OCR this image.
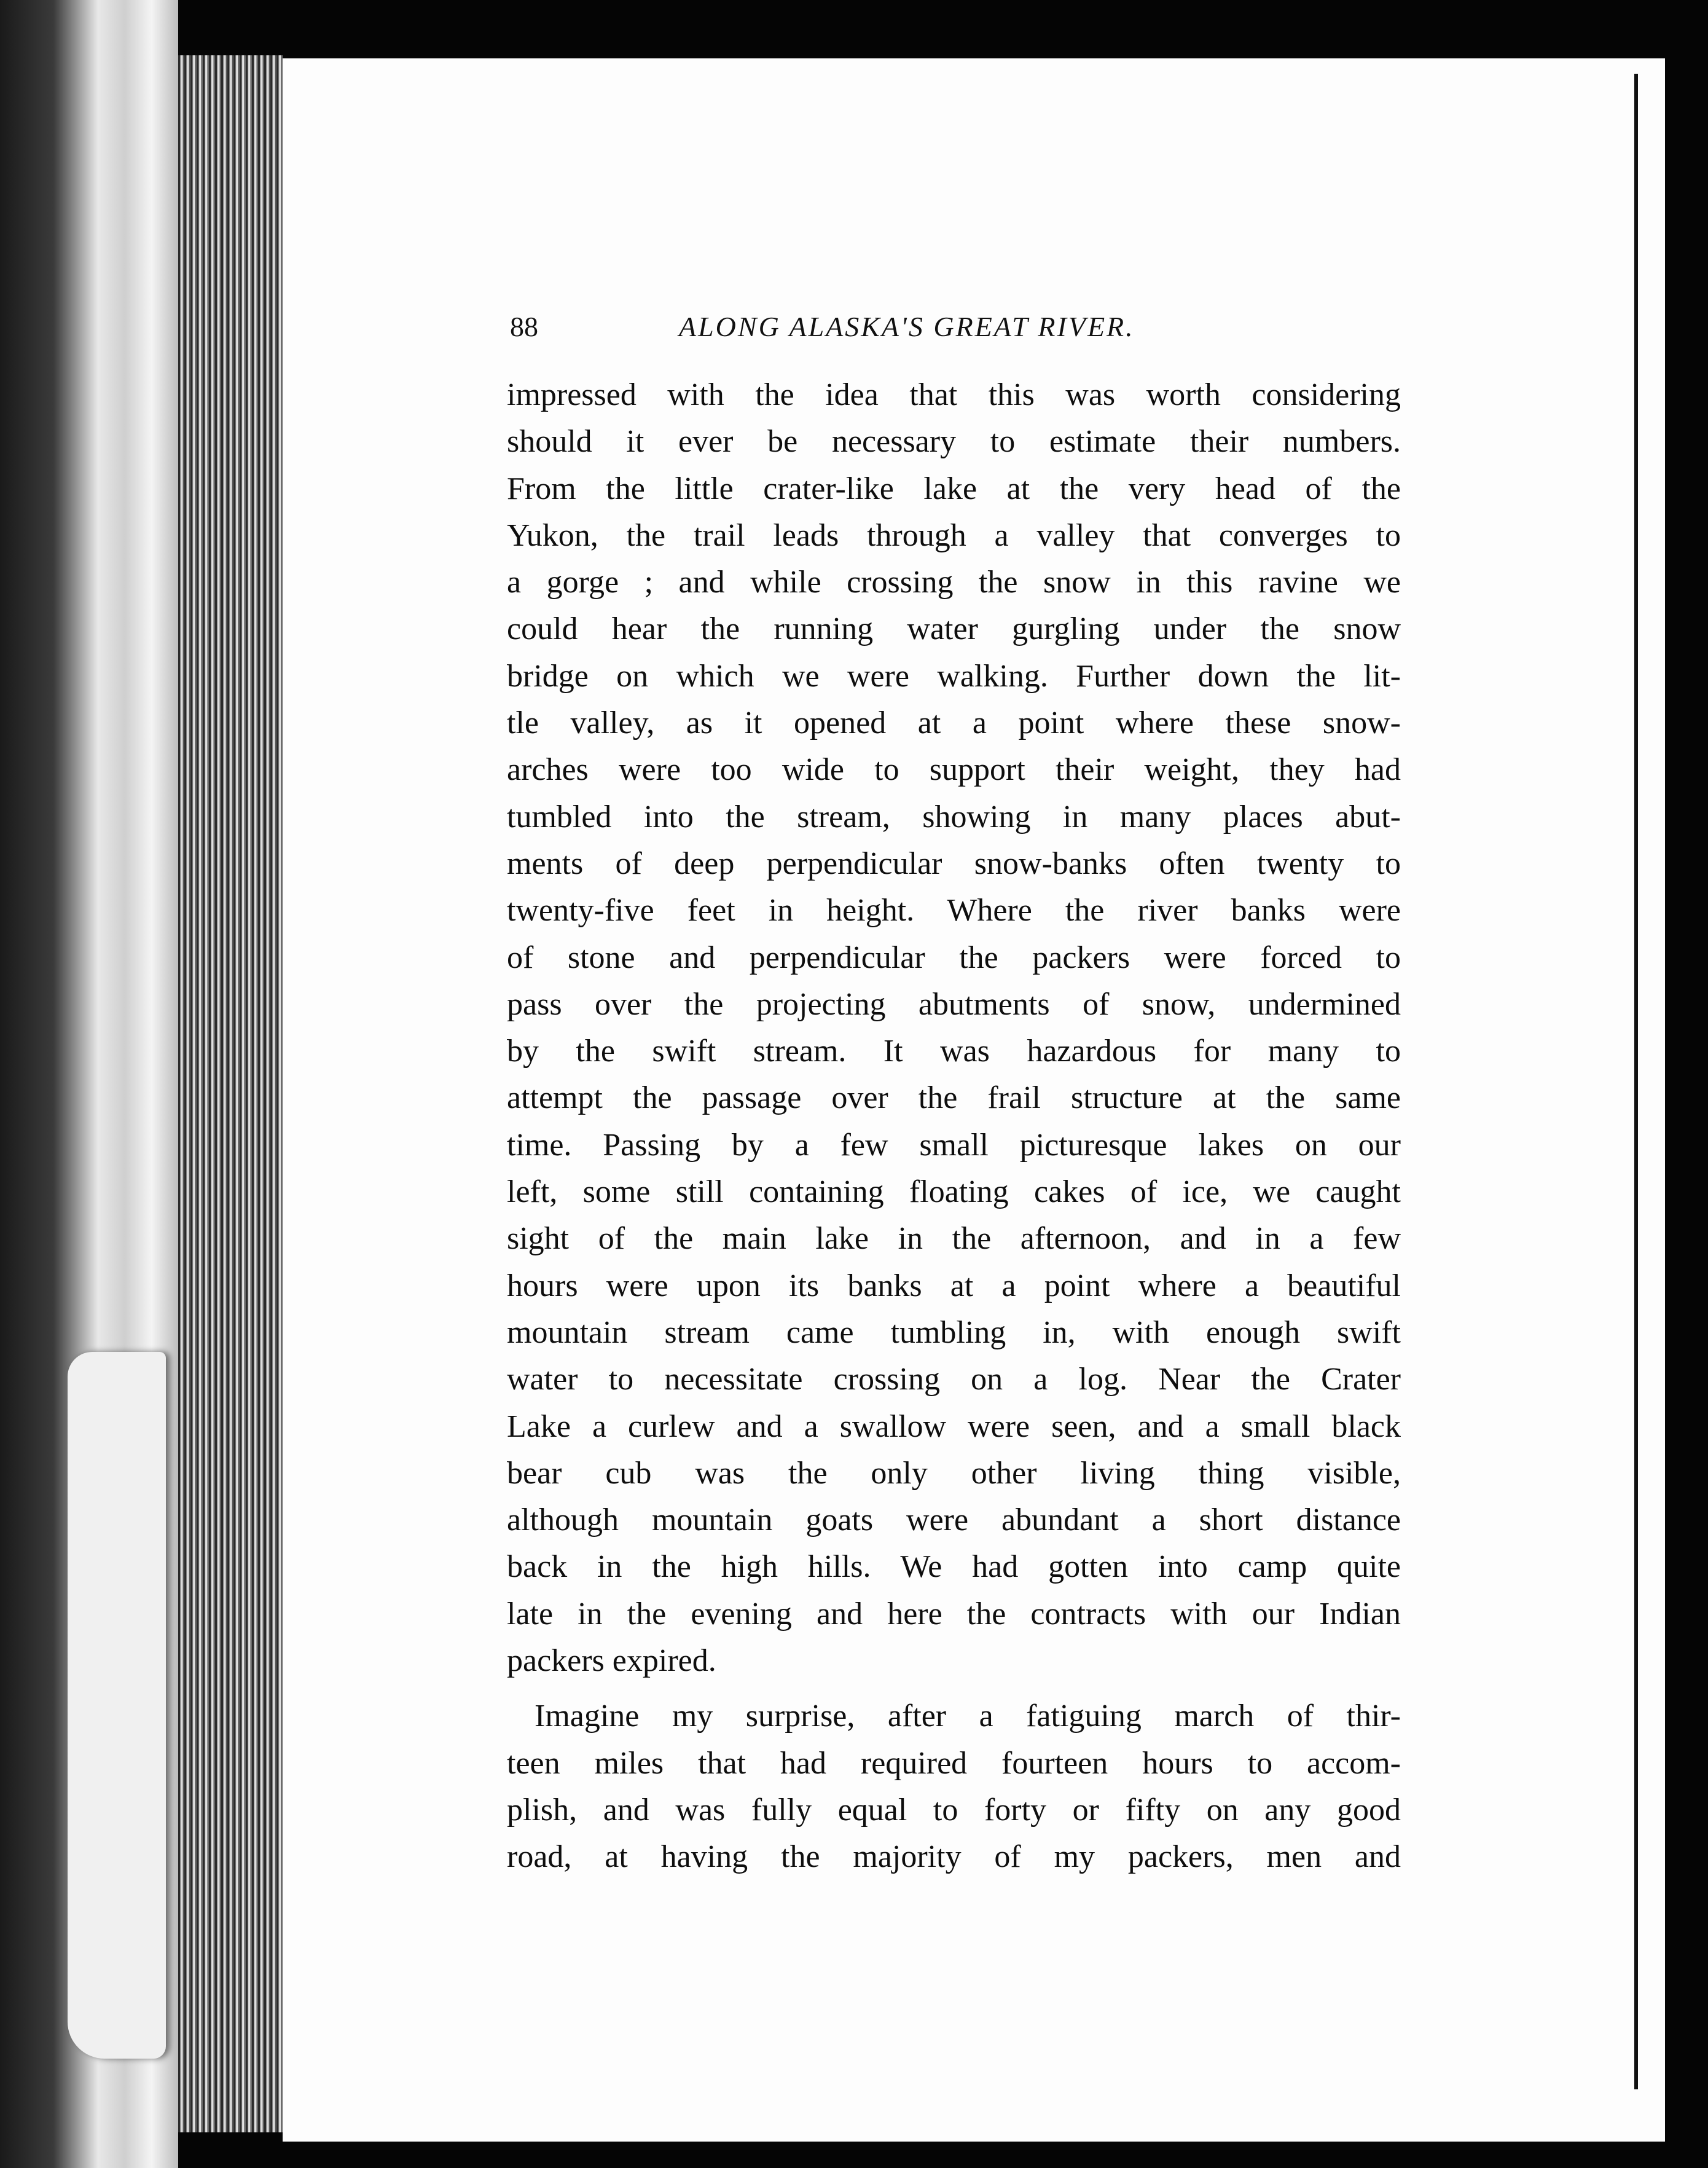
88	ALONG ALASKA'S GREAT RIVER.
impressed with the idea that this was worth considering
should it ever be necessary to estimate their numbers.
From the little crater-like lake at the very head of the
Yukon, the trail leads through a valley that converges to
a gorge ; and while crossing the snow in this ravine we
could hear the running water gurgling under the snow
bridge on which we were walking. Further down the lit-
tle valley, as it opened at a point where these snow-
arches were too wide to support their weight, they had
tumbled into the stream, showing in many places abut-
ments of deep perpendicular snow-banks often twenty to
twenty-five feet in height. Where the river banks were
of stone and perpendicular the packers were forced to
pass over the projecting abutments of snow, undermined
by the swift stream. It was hazardous for many to
attempt the passage over the frail structure at the same
time. Passing by a few small picturesque lakes on our
left, some still containing floating cakes of ice, we caught
sight of the main lake in the afternoon, and in a few
hours were upon its banks at a point where a beautiful
mountain stream came tumbling in, with enough swift
water to necessitate crossing on a log. Near the Crater
Lake a curlew and a swallow were seen, and a small black
bear cub was the only other living thing visible,
although mountain goats were abundant a short distance
back in the high hills. We had gotten into camp quite
late in the evening and here the contracts with our Indian
packers expired.
Imagine my surprise, after a fatiguing march of thir-
teen miles that had required fourteen hours to accom-
plish, and was fully equal to forty or fifty on any good
road, at having the majority of my packers, men and
